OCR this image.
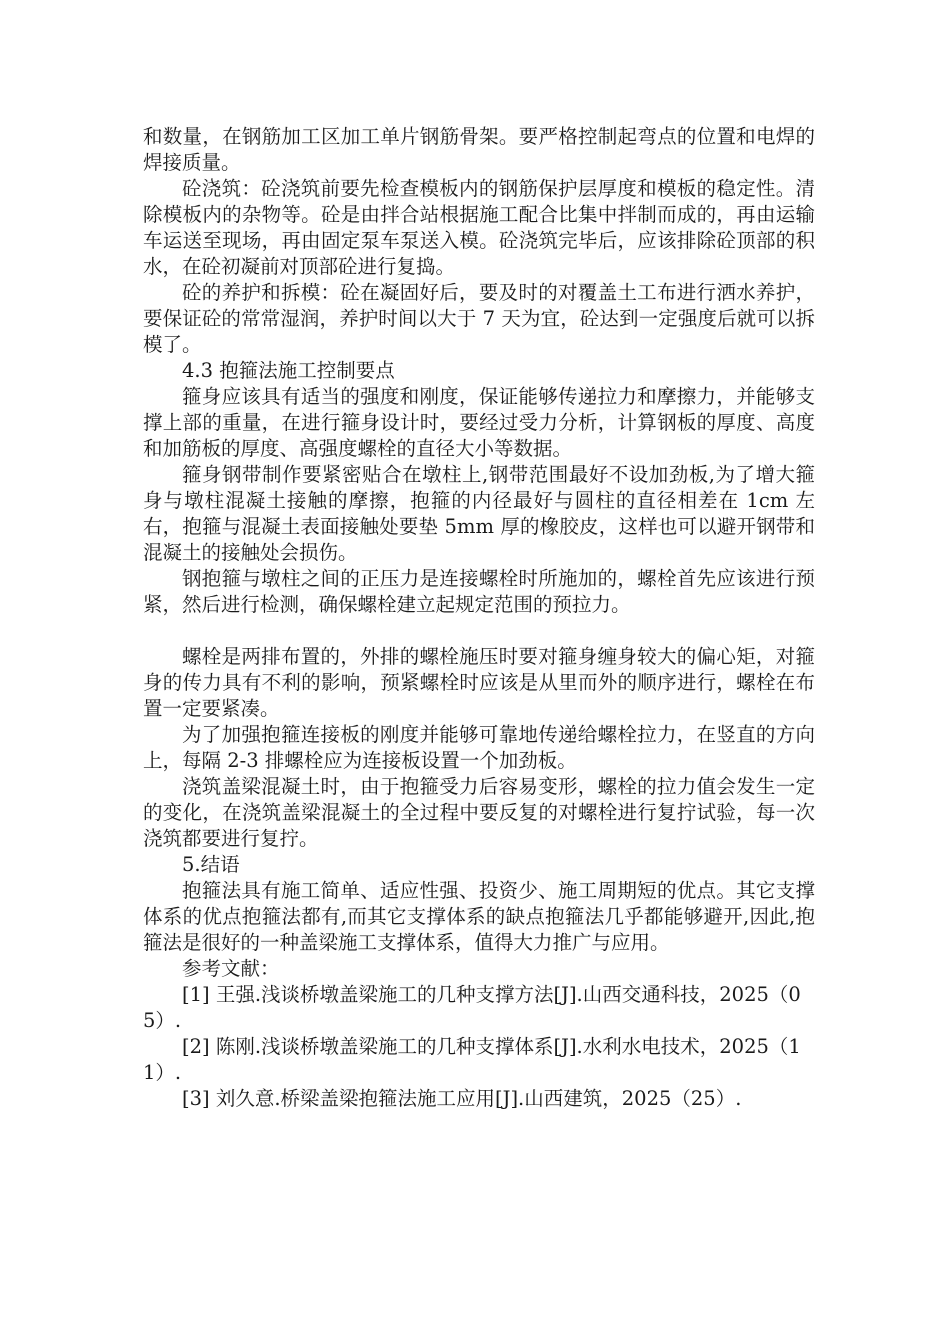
和数量，在钢筋加工区加工单片钢筋骨架。要严格控制起弯点的位置和电焊的焊接质量。

砼浇筑：砼浇筑前要先检查模板内的钢筋保护层厚度和模板的稳定性。清除模板内的杂物等。砼是由拌合站根据施工配合比集中拌制而成的，再由运输车运送至现场，再由固定泵车泵送入模。砼浇筑完毕后，应该排除砼顶部的积水，在砼初凝前对顶部砼进行复捣。

砼的养护和拆模：砼在凝固好后，要及时的对覆盖土工布进行洒水养护，要保证砼的常常湿润，养护时间以大于 7 天为宜，砼达到一定强度后就可以拆模了。

4.3 抱箍法施工控制要点

箍身应该具有适当的强度和刚度，保证能够传递拉力和摩擦力，并能够支撑上部的重量，在进行箍身设计时，要经过受力分析，计算钢板的厚度、高度和加筋板的厚度、高强度螺栓的直径大小等数据。

箍身钢带制作要紧密贴合在墩柱上,钢带范围最好不设加劲板,为了增大箍身与墩柱混凝土接触的摩擦，抱箍的内径最好与圆柱的直径相差在 1cm 左右，抱箍与混凝土表面接触处要垫 5mm 厚的橡胶皮，这样也可以避开钢带和混凝土的接触处会损伤。

钢抱箍与墩柱之间的正压力是连接螺栓时所施加的，螺栓首先应该进行预紧，然后进行检测，确保螺栓建立起规定范围的预拉力。

螺栓是两排布置的，外排的螺栓施压时要对箍身缠身较大的偏心矩，对箍身的传力具有不利的影响，预紧螺栓时应该是从里而外的顺序进行，螺栓在布置一定要紧凑。

为了加强抱箍连接板的刚度并能够可靠地传递给螺栓拉力，在竖直的方向上，每隔 2-3 排螺栓应为连接板设置一个加劲板。

浇筑盖梁混凝土时，由于抱箍受力后容易变形，螺栓的拉力值会发生一定的变化，在浇筑盖梁混凝土的全过程中要反复的对螺栓进行复拧试验，每一次浇筑都要进行复拧。

5.结语

抱箍法具有施工简单、适应性强、投资少、施工周期短的优点。其它支撑体系的优点抱箍法都有,而其它支撑体系的缺点抱箍法几乎都能够避开,因此,抱箍法是很好的一种盖梁施工支撑体系，值得大力推广与应用。

参考文献：

[1] 王强.浅谈桥墩盖梁施工的几种支撑方法[J].山西交通科技，2025（05）.
[2] 陈刚.浅谈桥墩盖梁施工的几种支撑体系[J].水利水电技术，2025（11）.
[3] 刘久意.桥梁盖梁抱箍法施工应用[J].山西建筑，2025（25）.
